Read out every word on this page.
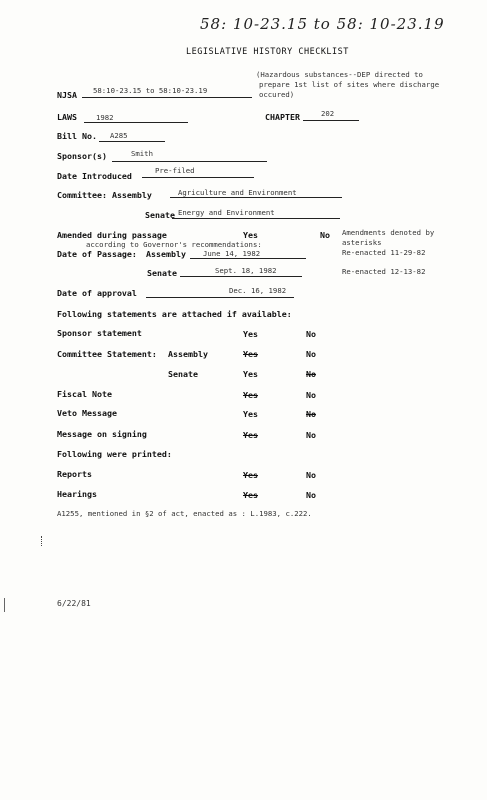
58: 10-23.15 to 58: 10-23.19
LEGISLATIVE HISTORY CHECKLIST
NJSA 58:10-23.15 to 58:10-23.19
(Hazardous substances--DEP directed to
prepare 1st list of sites where discharge
occured)
LAWS	1982	CHAPTER	202
Bill No. A285
Sponsor(s)	Smith
Date Introduced
Pre-filed
Committee: Assembly	Agriculture and Environment
Senate Energy and Environment
Amended during passage	Yes	No Amendments denoted by
asterisks
Re-enacted 11-29-82
Re-enacted 12-13-82
according to Governor's recommendations:
Date of Passage: Assembly June 14, 1982
Senate	Sept. 18, 1982
Date of approval	Dec. 16, 1982
Following statements are attached if available:
Sponsor statement	Yes	No
Committee Statement: Assembly	Yes	No
Senate	Yes	No
Fiscal Note	Yes	No
Veto Message	Yes	No
Message on signing	Yes	No
Following were printed:
Reports	Yes	No
Hearings	Yes	No
A1255, mentioned in §2 of act, enacted as : L.1983, c.222.
6/22/81
